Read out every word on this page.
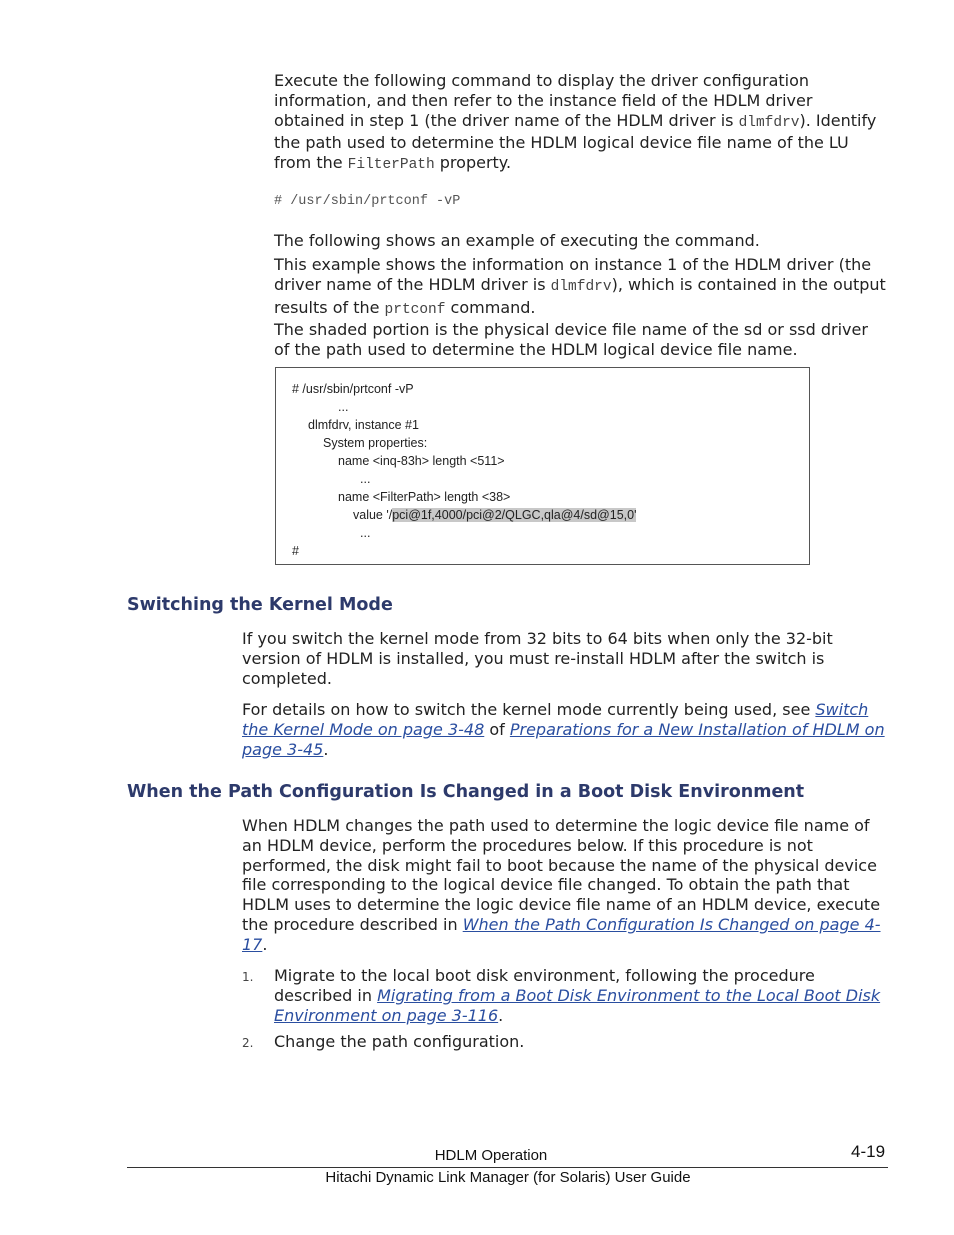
Execute the following command to display the driver configuration information, and then refer to the instance field of the HDLM driver obtained in step 1 (the driver name of the HDLM driver is dlmfdrv). Identify the path used to determine the HDLM logical device file name of the LU from the FilterPath property.

# /usr/sbin/prtconf -vP

The following shows an example of executing the command.

This example shows the information on instance 1 of the HDLM driver (the driver name of the HDLM driver is dlmfdrv), which is contained in the output results of the prtconf command.

The shaded portion is the physical device file name of the sd or ssd driver of the path used to determine the HDLM logical device file name.

# /usr/sbin/prtconf -vP

...

dlmfdrv, instance #1

System properties:

name <inq-83h> length <511>

...

name <FilterPath> length <38>

value '/pci@1f,4000/pci@2/QLGC,qla@4/sd@15,0'

...

#

Switching the Kernel Mode

If you switch the kernel mode from 32 bits to 64 bits when only the 32-bit version of HDLM is installed, you must re-install HDLM after the switch is completed.

For details on how to switch the kernel mode currently being used, see Switch the Kernel Mode on page 3-48 of Preparations for a New Installation of HDLM on page 3-45.

When the Path Configuration Is Changed in a Boot Disk Environment

When HDLM changes the path used to determine the logic device file name of an HDLM device, perform the procedures below. If this procedure is not performed, the disk might fail to boot because the name of the physical device file corresponding to the logical device file changed. To obtain the path that HDLM uses to determine the logic device file name of an HDLM device, execute the procedure described in When the Path Configuration Is Changed on page 4-17.

1. Migrate to the local boot disk environment, following the procedure described in Migrating from a Boot Disk Environment to the Local Boot Disk Environment on page 3-116.

2. Change the path configuration.

HDLM Operation	4-19

Hitachi Dynamic Link Manager (for Solaris) User Guide
